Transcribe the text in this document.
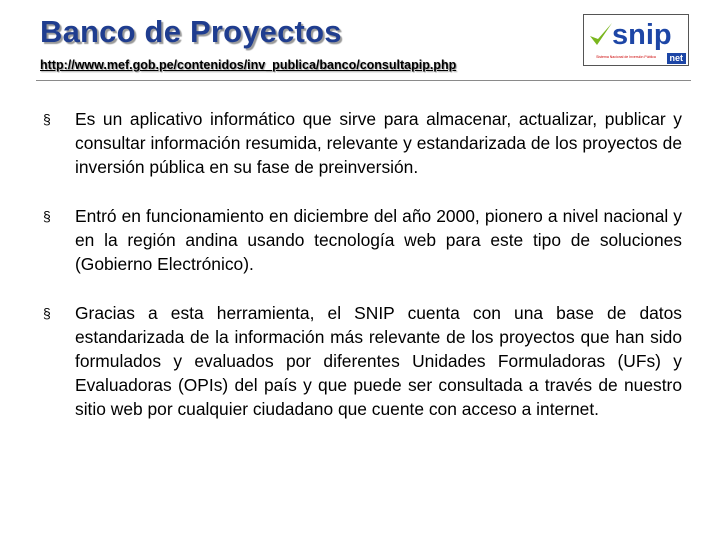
Banco de Proyectos
http://www.mef.gob.pe/contenidos/inv_publica/banco/consultapip.php
snip
Sistema Nacional de Inversión Pública	net
§ Es un aplicativo informático que sirve para almacenar, actualizar, publicar y consultar información resumida, relevante y estandarizada de los proyectos de inversión pública en su fase de preinversión.
§ Entró en funcionamiento en diciembre del año 2000, pionero a nivel nacional y en la región andina usando tecnología web para este tipo de soluciones (Gobierno Electrónico).
§ Gracias a esta herramienta, el SNIP cuenta con una base de datos estandarizada de la información más relevante de los proyectos que han sido formulados y evaluados por diferentes Unidades Formuladoras (UFs) y Evaluadoras (OPIs) del país y que puede ser consultada a través de nuestro sitio web por cualquier ciudadano que cuente con acceso a internet.
